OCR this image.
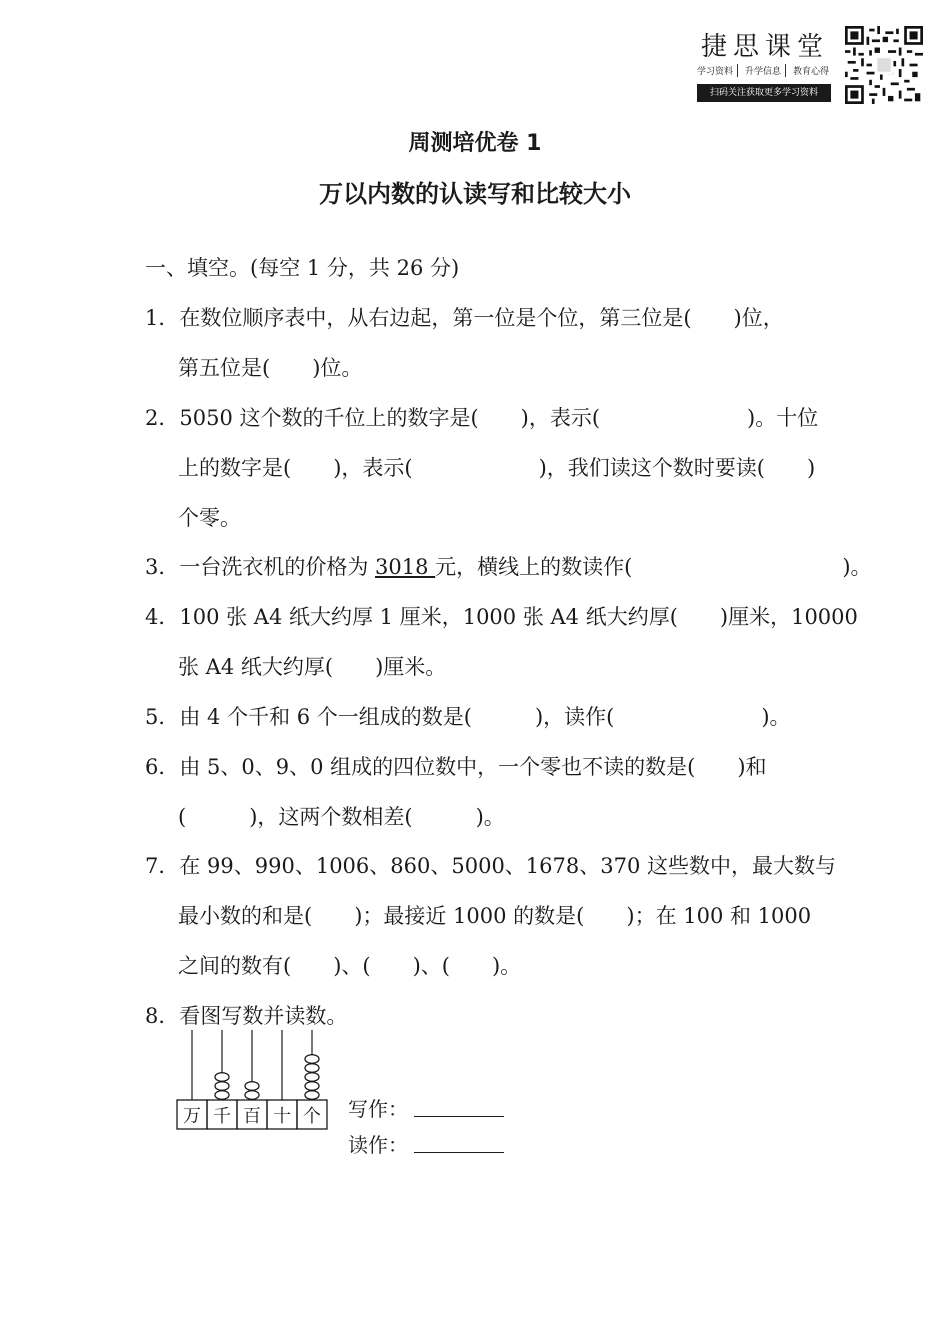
捷思课堂
学习资料	升学信息	教育心得
扫码关注获取更多学习资料
周测培优卷 1
万以内数的认读写和比较大小
一、填空。(每空 1 分，共 26 分)
1．在数位顺序表中，从右边起，第一位是个位，第三位是(　　)位，
第五位是(　　)位。
2．5050 这个数的千位上的数字是(　　)，表示(　　　　　　　)。十位
上的数字是(　　)，表示(　　　　　　)，我们读这个数时要读(　　)
个零。
3．一台洗衣机的价格为 3018 元，横线上的数读作(　　　　　　　　　　)。
4．100 张 A4 纸大约厚 1 厘米，1000 张 A4 纸大约厚(　　)厘米，10000
张 A4 纸大约厚(　　)厘米。
5．由 4 个千和 6 个一组成的数是(　　　)，读作(　　　　　　　)。
6．由 5、0、9、0 组成的四位数中，一个零也不读的数是(　　)和
(　　　)，这两个数相差(　　　)。
7．在 99、990、1006、860、5000、1678、370 这些数中，最大数与
最小数的和是(　　)；最接近 1000 的数是(　　)；在 100 和 1000
之间的数有(　　)、(　　)、(　　)。
8．看图写数并读数。
万 千 百 十 个 写作：
读作：
